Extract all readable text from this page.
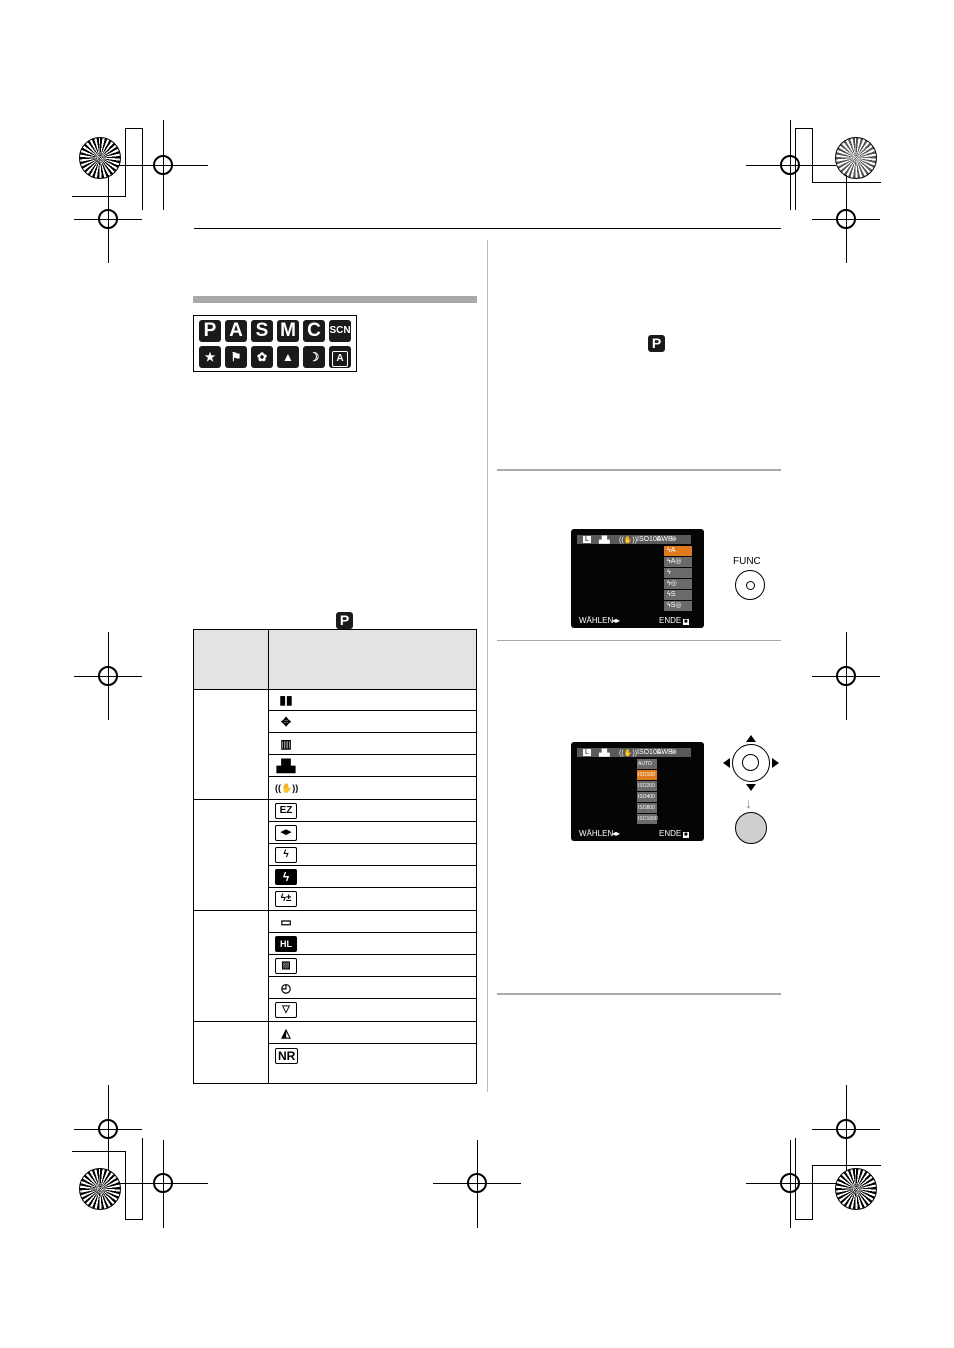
P A S M C SCN
★	⚑	✿	▲	☽	A
P
P
▮▮
✥
▥
▟▙
((✋))
EZ
◀▶
ϟ
ϟ
ϟ±
▭
HL
▨
◴
▽
◭
NR
L ▟▙ ((✋)) ISO100
AWB
⊛
ϟA
ϟA◎
ϟ
ϟ◎
ϟS
ϟS◎
WÄHLEN
◂▸	ENDE ■
FUNC
L ▟▙ ((✋)) ISO100
AWB
⊛
AUTO
ISO100
ISO200
ISO400
ISO800
ISO1600
WÄHLEN
◂▸	ENDE ■
↓
